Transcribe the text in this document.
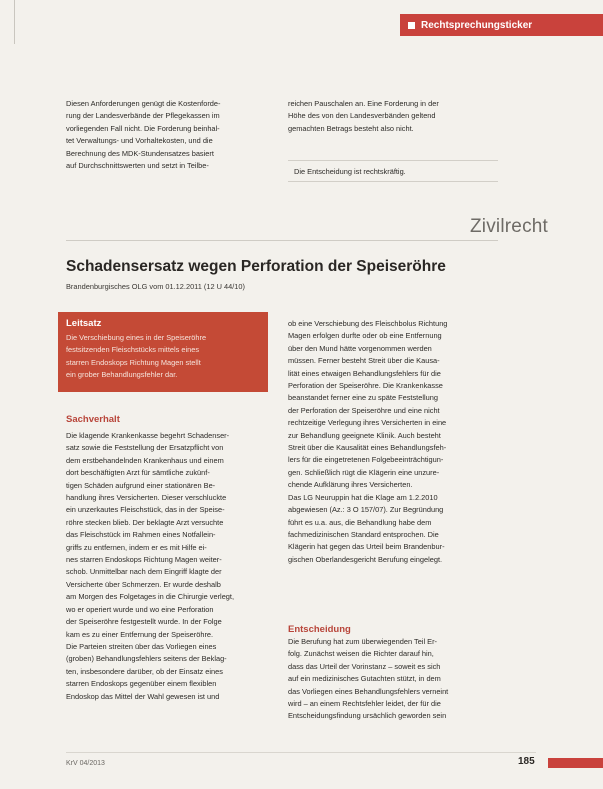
Rechtsprechungsticker
Diesen Anforderungen genügt die Kostenforde-
rung der Landesverbände der Pflegekassen im
vorliegenden Fall nicht. Die Forderung beinhal-
tet Verwaltungs- und Vorhaltekosten, und die
Berechnung des MDK-Stundensatzes basiert
auf Durchschnittswerten und setzt in Teilbe-
reichen Pauschalen an. Eine Forderung in der
Höhe des von den Landesverbänden geltend
gemachten Betrags besteht also nicht.
Die Entscheidung ist rechtskräftig.
Zivilrecht
Schadensersatz wegen Perforation der Speiseröhre
Brandenburgisches OLG vom 01.12.2011 (12 U 44/10)
Leitsatz
Die Verschiebung eines in der Speiseröhre
festsitzenden Fleischstücks mittels eines
starren Endoskops Richtung Magen stellt
ein grober Behandlungsfehler dar.
Sachverhalt
Die klagende Krankenkasse begehrt Schadenser-
satz sowie die Feststellung der Ersatzpflicht von
dem erstbehandelnden Krankenhaus und einem
dort beschäftigten Arzt für sämtliche zukünf-
tigen Schäden aufgrund einer stationären Be-
handlung ihres Versicherten. Dieser verschluckte
ein unzerkautes Fleischstück, das in der Speise-
röhre stecken blieb. Der beklagte Arzt versuchte
das Fleischstück im Rahmen eines Notfallein-
griffs zu entfernen, indem er es mit Hilfe ei-
nes starren Endoskops Richtung Magen weiter-
schob. Unmittelbar nach dem Eingriff klagte der
Versicherte über Schmerzen. Er wurde deshalb
am Morgen des Folgetages in die Chirurgie verlegt,
wo er operiert wurde und wo eine Perforation
der Speiseröhre festgestellt wurde. In der Folge
kam es zu einer Entfernung der Speiseröhre.
Die Parteien streiten über das Vorliegen eines
(groben) Behandlungsfehlers seitens der Beklag-
ten, insbesondere darüber, ob der Einsatz eines
starren Endoskops gegenüber einem flexiblen
Endoskop das Mittel der Wahl gewesen ist und
ob eine Verschiebung des Fleischbolus Richtung
Magen erfolgen durfte oder ob eine Entfernung
über den Mund hätte vorgenommen werden
müssen. Ferner besteht Streit über die Kausa-
lität eines etwaigen Behandlungsfehlers für die
Perforation der Speiseröhre. Die Krankenkasse
beanstandet ferner eine zu späte Feststellung
der Perforation der Speiseröhre und eine nicht
rechtzeitige Verlegung ihres Versicherten in eine
zur Behandlung geeignete Klinik. Auch besteht
Streit über die Kausalität eines Behandlungsfeh-
lers für die eingetretenen Folgebeeinträchtigun-
gen. Schließlich rügt die Klägerin eine unzure-
chende Aufklärung ihres Versicherten.
Das LG Neuruppin hat die Klage am 1.2.2010
abgewiesen (Az.: 3 O 157/07). Zur Begründung
führt es u.a. aus, die Behandlung habe dem
fachmedizinischen Standard entsprochen. Die
Klägerin hat gegen das Urteil beim Brandenbur-
gischen Oberlandesgericht Berufung eingelegt.
Entscheidung
Die Berufung hat zum überwiegenden Teil Er-
folg. Zunächst weisen die Richter darauf hin,
dass das Urteil der Vorinstanz – soweit es sich
auf ein medizinisches Gutachten stützt, in dem
das Vorliegen eines Behandlungsfehlers verneint
wird – an einem Rechtsfehler leidet, der für die
Entscheidungsfindung ursächlich geworden sein
KrV 04/2013	185
